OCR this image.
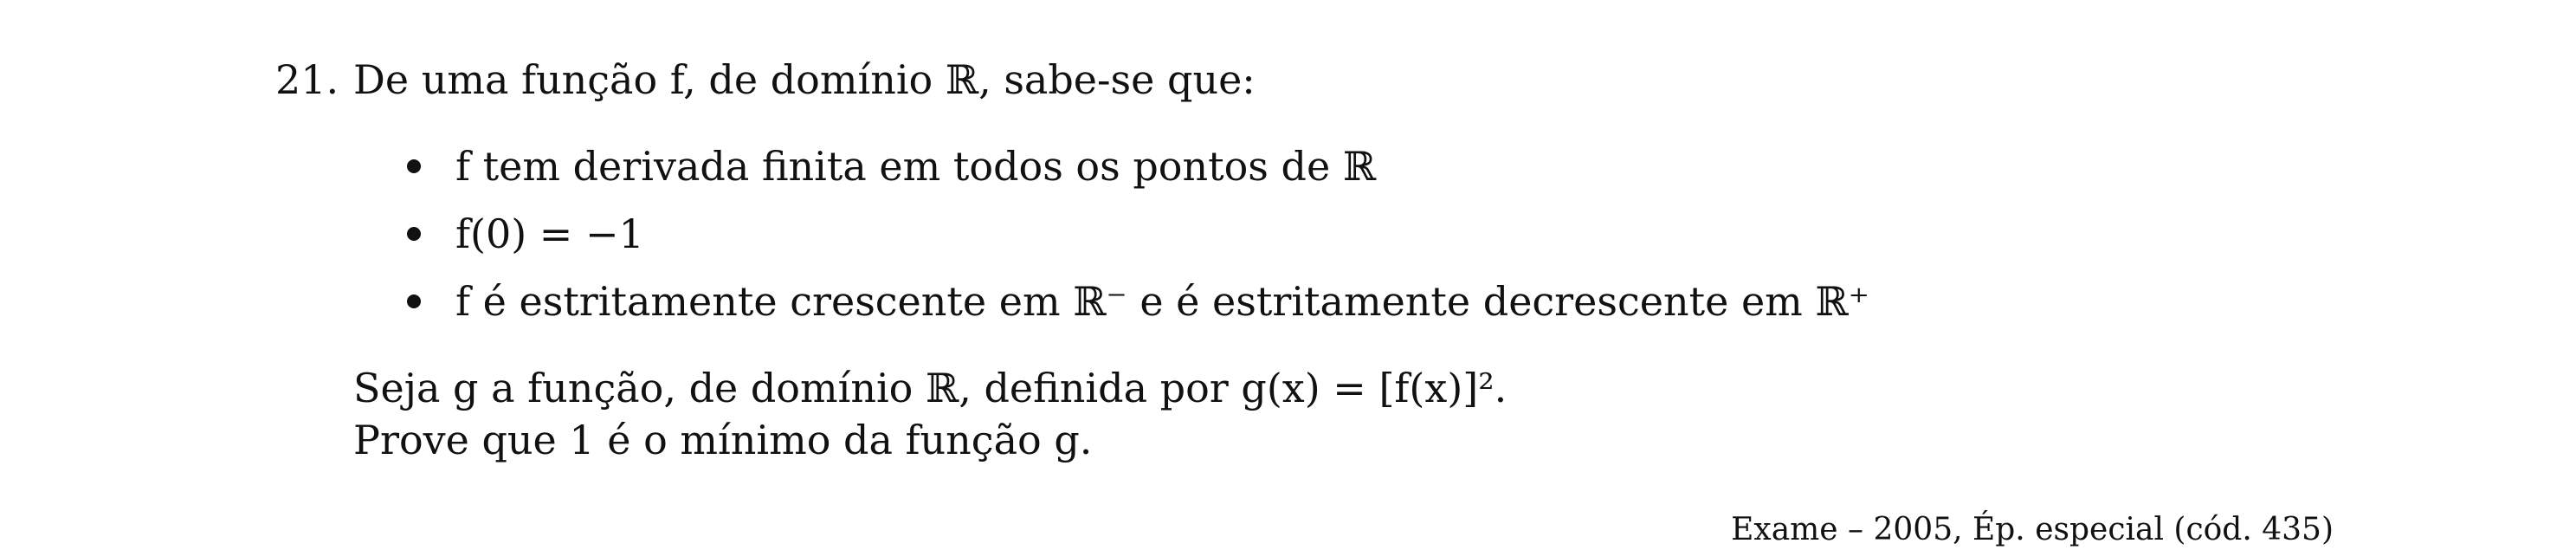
21. De uma função f, de domínio ℝ, sabe-se que:
f tem derivada finita em todos os pontos de ℝ
f(0) = −1
f é estritamente crescente em ℝ⁻ e é estritamente decrescente em ℝ⁺
Seja g a função, de domínio ℝ, definida por g(x) = [f(x)]².
Prove que 1 é o mínimo da função g.
Exame – 2005, Ép. especial (cód. 435)
